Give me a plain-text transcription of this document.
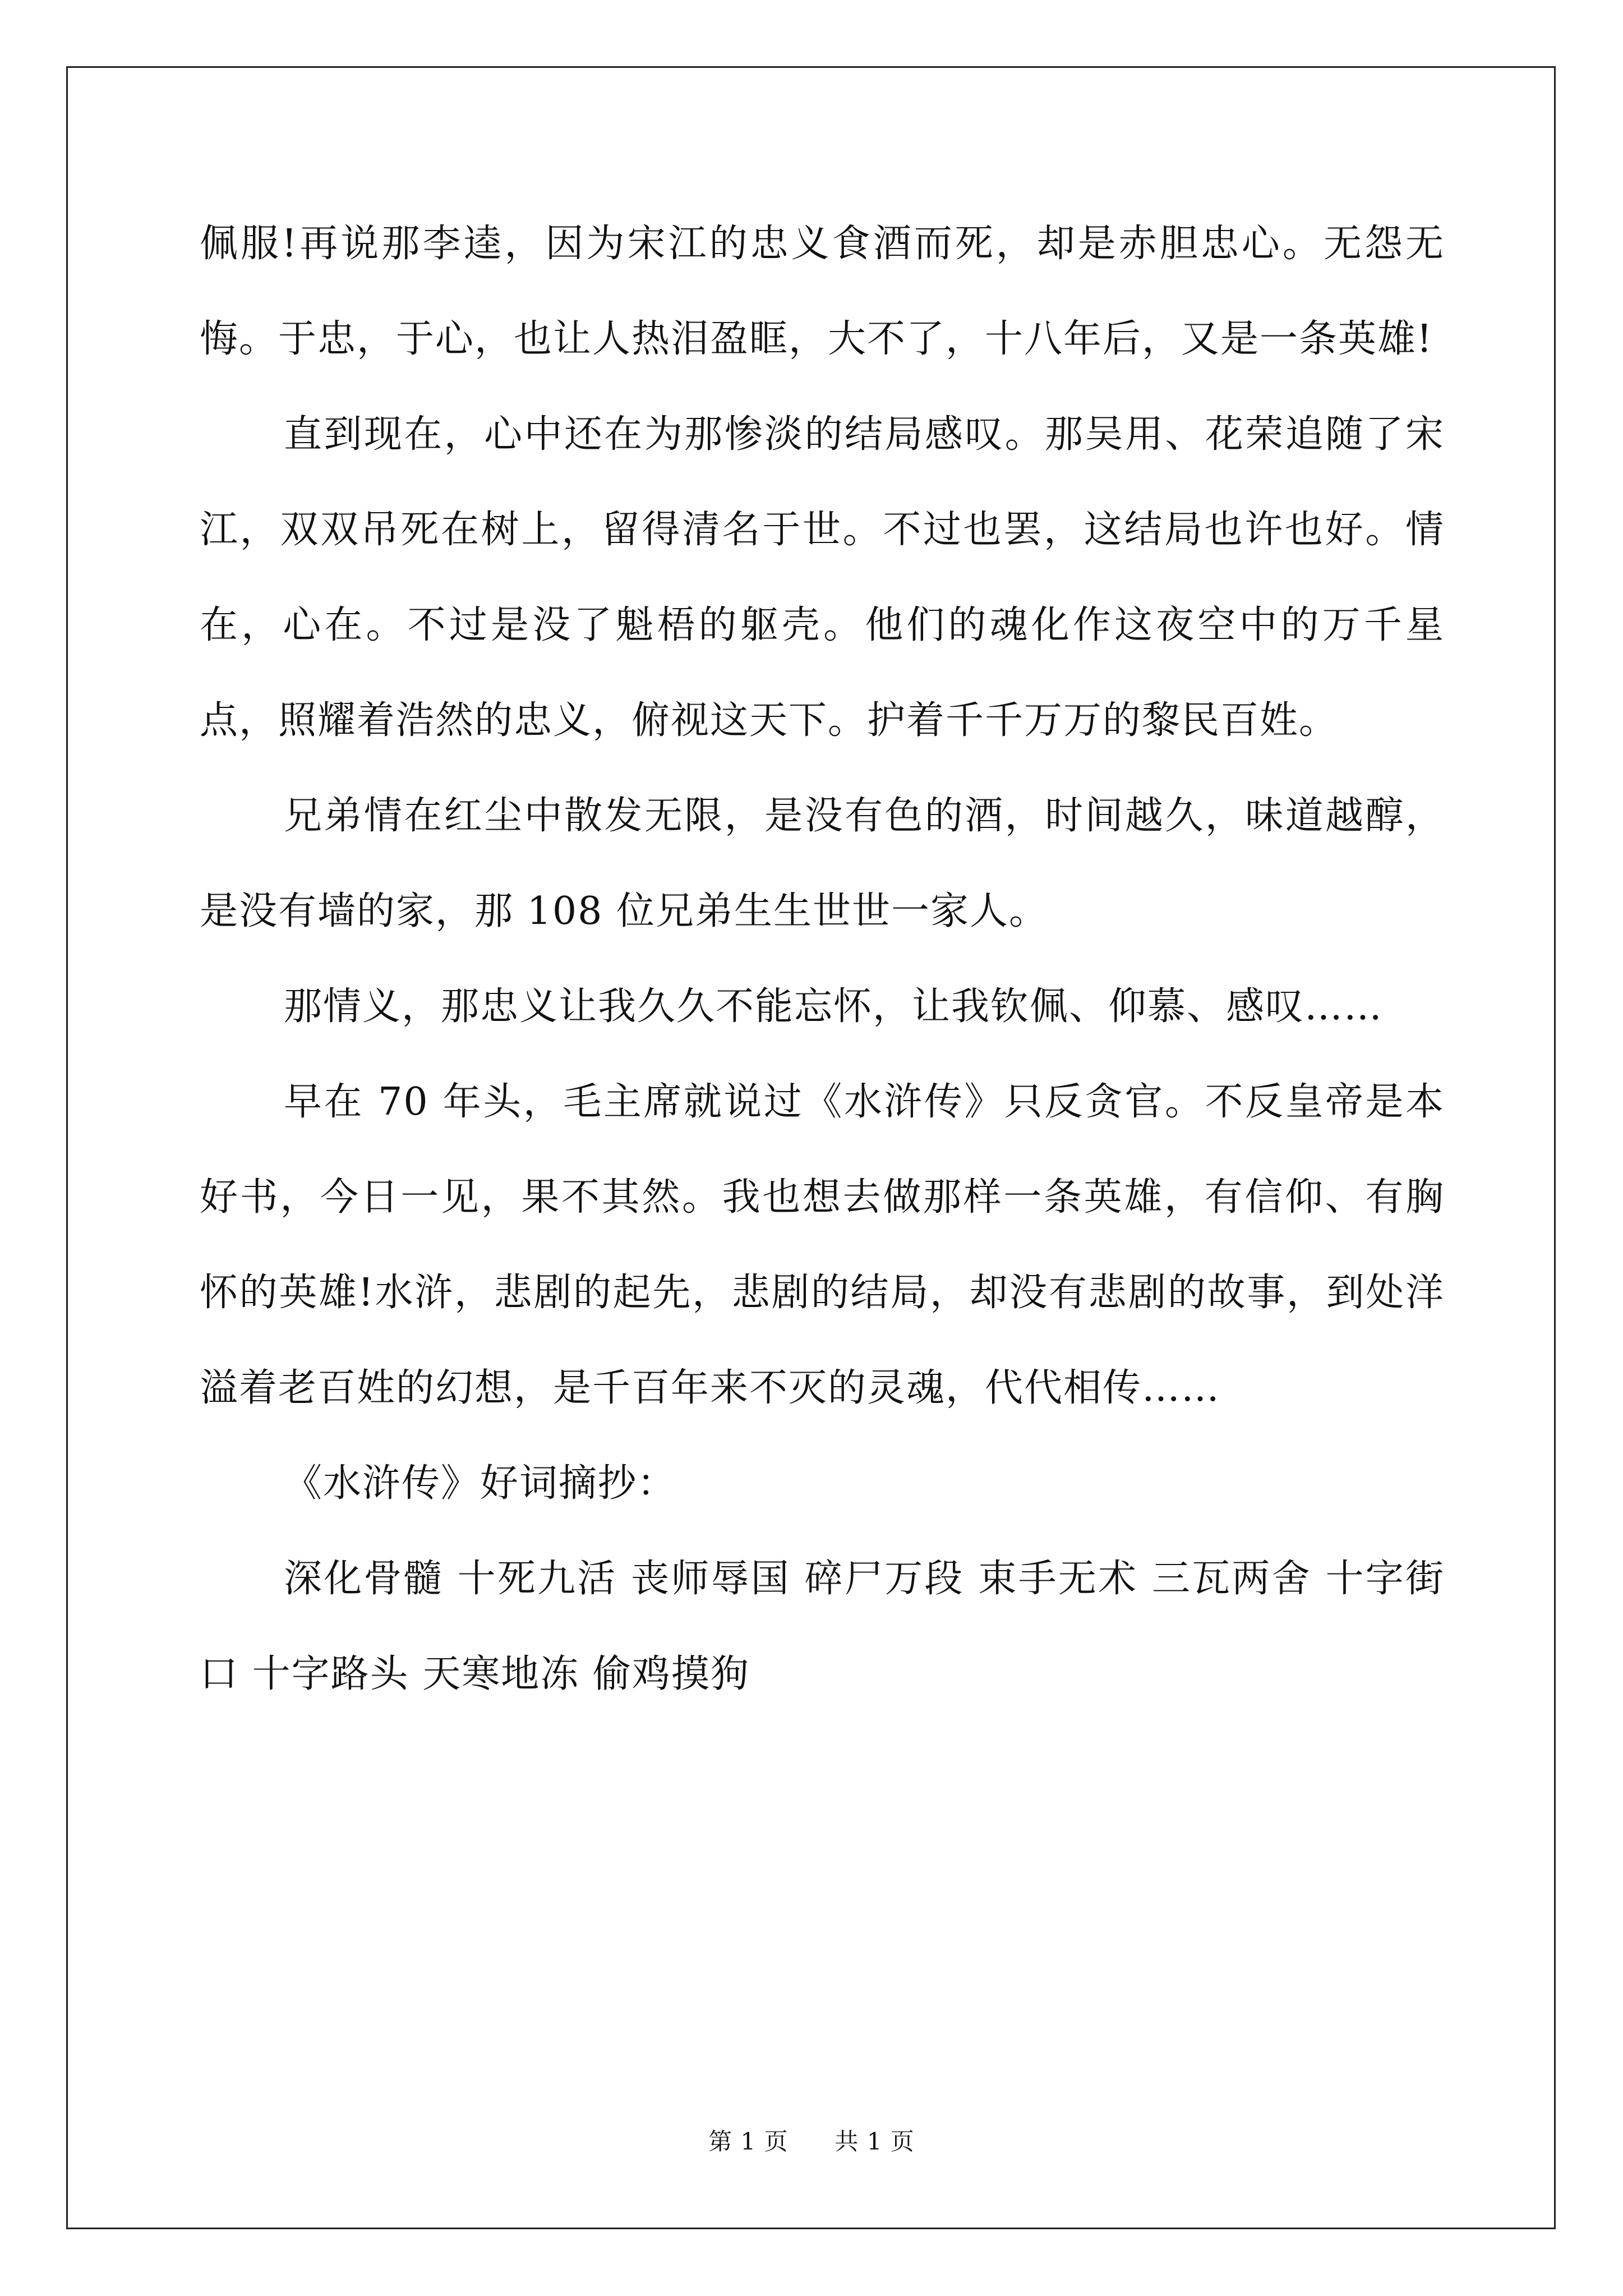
佩服!再说那李逵，因为宋江的忠义食酒而死，却是赤胆忠心。无怨无悔。于忠，于心，也让人热泪盈眶，大不了，十八年后，又是一条英雄!

直到现在，心中还在为那惨淡的结局感叹。那吴用、花荣追随了宋江，双双吊死在树上，留得清名于世。不过也罢，这结局也许也好。情在，心在。不过是没了魁梧的躯壳。他们的魂化作这夜空中的万千星点，照耀着浩然的忠义，俯视这天下。护着千千万万的黎民百姓。

兄弟情在红尘中散发无限，是没有色的酒，时间越久，味道越醇，是没有墙的家，那 108 位兄弟生生世世一家人。

那情义，那忠义让我久久不能忘怀，让我钦佩、仰慕、感叹……

早在 70 年头，毛主席就说过《水浒传》只反贪官。不反皇帝是本好书，今日一见，果不其然。我也想去做那样一条英雄，有信仰、有胸怀的英雄!水浒，悲剧的起先，悲剧的结局，却没有悲剧的故事，到处洋溢着老百姓的幻想，是千百年来不灭的灵魂，代代相传……

《水浒传》好词摘抄：

深化骨髓 十死九活 丧师辱国 碎尸万段 束手无术 三瓦两舍 十字街口 十字路头 天寒地冻 偷鸡摸狗

第 1 页 共 1 页
